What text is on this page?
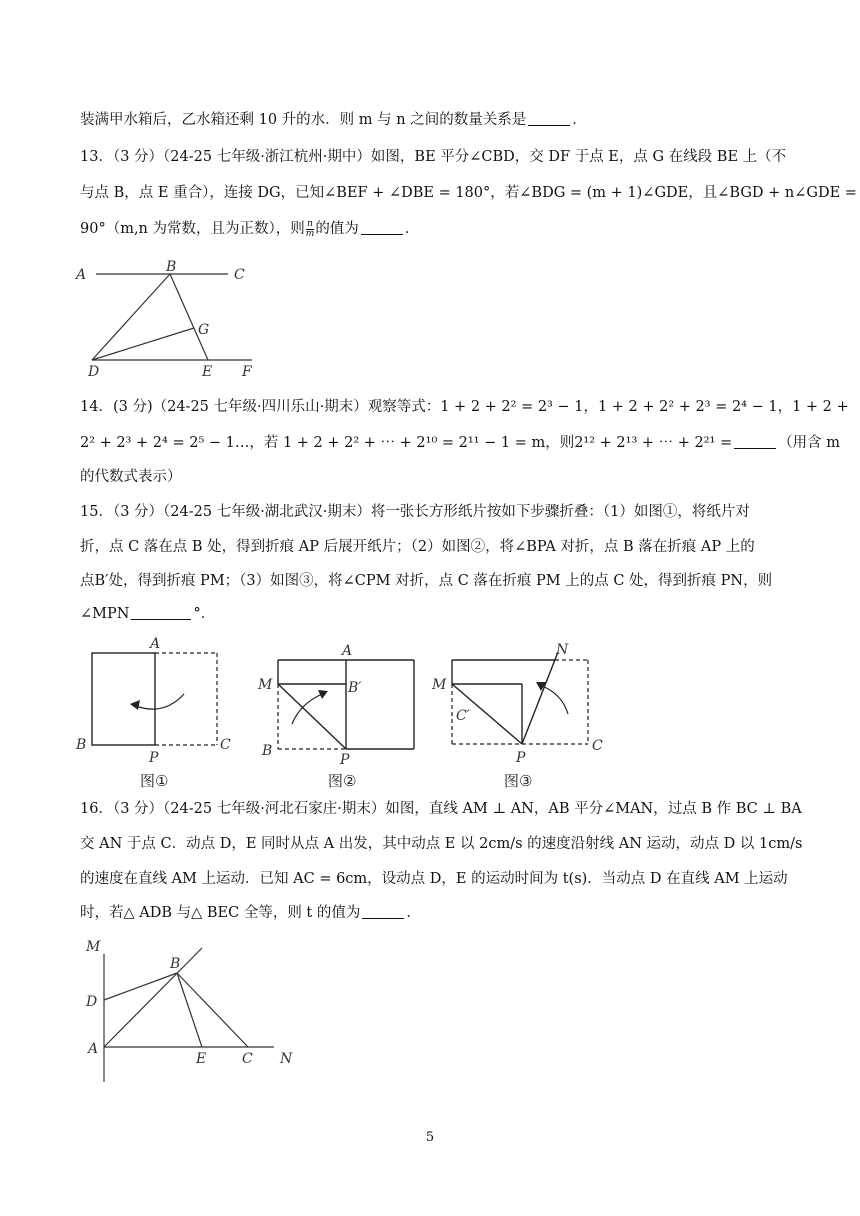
装满甲水箱后，乙水箱还剩 10 升的水．则 m 与 n 之间的数量关系是	．
13．（3 分）（24-25 七年级·浙江杭州·期中）如图，BE 平分∠CBD，交 DF 于点 E，点 G 在线段 BE 上（不
与点 B，点 E 重合），连接 DG，已知∠BEF + ∠DBE = 180°，若∠BDG = (m + 1)∠GDE，且∠BGD + n∠GDE =
90°（m,n 为常数，且为正数），则 $\frac{n}{m}$ 的值为	．
A	B	C
D	E F
G
14．(3 分)（24-25 七年级·四川乐山·期末）观察等式：1 + 2 + 2² = 2³ − 1，1 + 2 + 2² + 2³ = 2⁴ − 1，1 + 2 +
2² + 2³ + 2⁴ = 2⁵ − 1…，若 1 + 2 + 2² + ⋯ + 2¹⁰ = 2¹¹ − 1 = m，则2¹² + 2¹³ + ⋯ + 2²¹ =	（用含 m
的代数式表示）
15．（3 分）（24-25 七年级·湖北武汉·期末）将一张长方形纸片按如下步骤折叠：（1）如图①，将纸片对
折，点 C 落在点 B 处，得到折痕 AP 后展开纸片；（2）如图②，将∠BPA 对折，点 B 落在折痕 AP 上的
点B′处，得到折痕 PM；（3）如图③，将∠CPM 对折，点 C 落在折痕 PM 上的点 C 处，得到折痕 PN，则
∠MPN	°．
A
B	C
P
图①
A
M	B′
B
P
图②
N
M
C′
C
P
图③
16．（3 分）（24-25 七年级·河北石家庄·期末）如图，直线 AM ⊥ AN，AB 平分∠MAN，过点 B 作 BC ⊥ BA
交 AN 于点 C．动点 D，E 同时从点 A 出发，其中动点 E 以 2cm/s 的速度沿射线 AN 运动，动点 D 以 1cm/s
的速度在直线 AM 上运动．已知 AC = 6cm，设动点 D，E 的运动时间为 t(s)．当动点 D 在直线 AM 上运动
时，若△ ADB 与△ BEC 全等，则 t 的值为	．
M
B
D
A
E	C N
5
